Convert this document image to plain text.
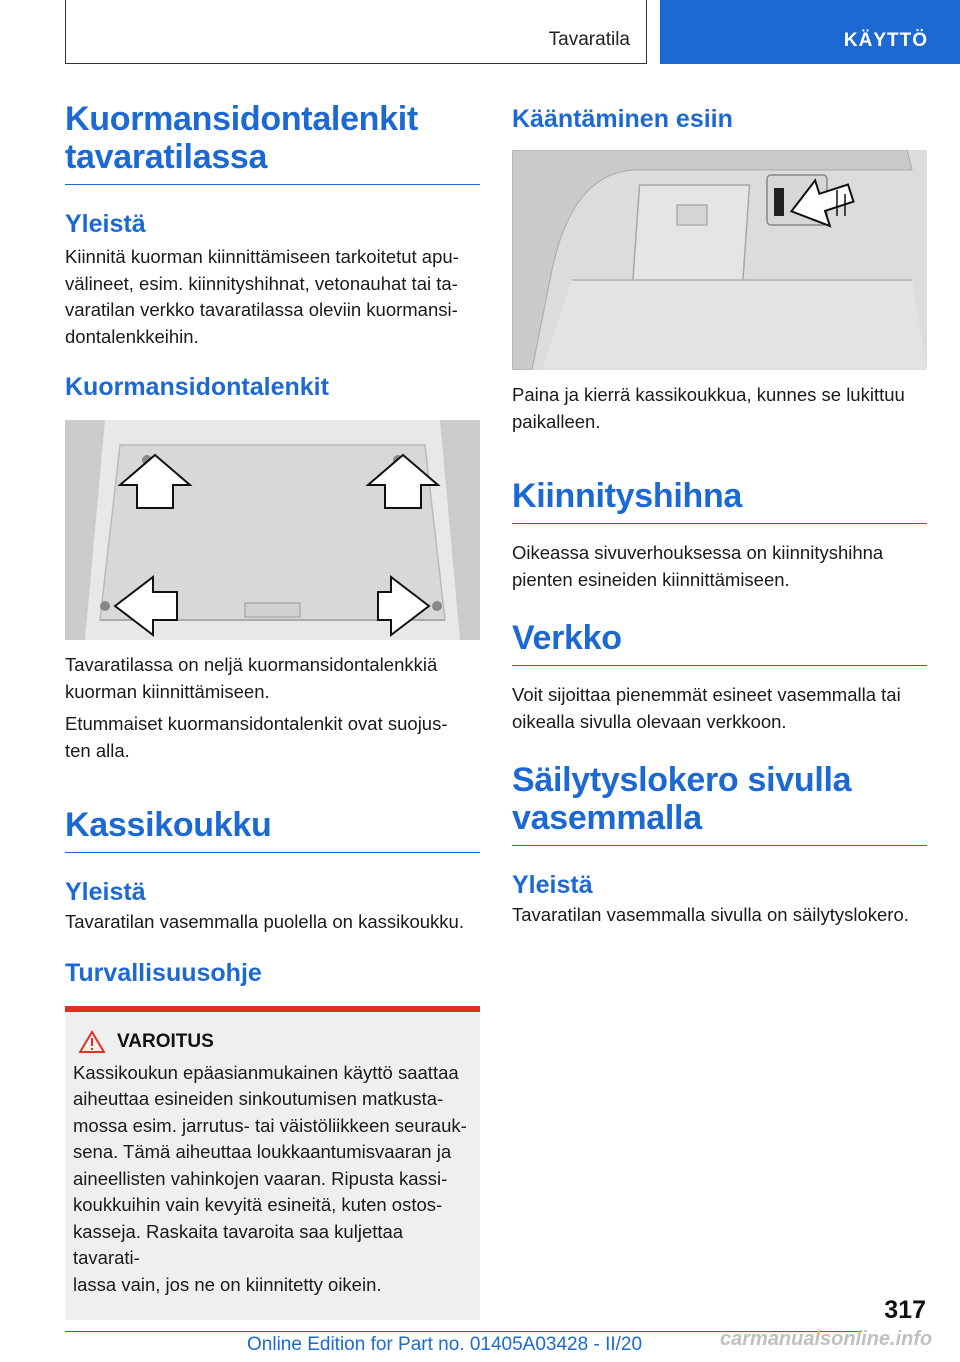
Tavaratila	KÄYTTÖ
Kuormansidontalenkit
tavaratilassa
Yleistä

Kiinnitä kuorman kiinnittämiseen tarkoitetut apu‐
välineet, esim. kiinnityshihnat, vetonauhat tai ta‐
varatilan verkko tavaratilassa oleviin kuormansi‐
dontalenkkeihin.

Kuormansidontalenkit

Tavaratilassa on neljä kuormansidontalenkkiä
kuorman kiinnittämiseen.

Etummaiset kuormansidontalenkit ovat suojus‐
ten alla.

Kassikoukku
Yleistä

Tavaratilan vasemmalla puolella on kassikoukku.

Turvallisuusohje
VAROITUS

Kassikoukun epäasianmukainen käyttö saattaa
aiheuttaa esineiden sinkoutumisen matkusta‐
mossa esim. jarrutus- tai väistöliikkeen seurauk‐
sena. Tämä aiheuttaa loukkaantumisvaaran ja
aineellisten vahinkojen vaaran. Ripusta kassi‐
koukkuihin vain kevyitä esineitä, kuten ostos‐
kasseja. Raskaita tavaroita saa kuljettaa tavarati‐
lassa vain, jos ne on kiinnitetty oikein.

Kääntäminen esiin

Paina ja kierrä kassikoukkua, kunnes se lukittuu
paikalleen.

Kiinnityshihna

Oikeassa sivuverhouksessa on kiinnityshihna
pienten esineiden kiinnittämiseen.

Verkko

Voit sijoittaa pienemmät esineet vasemmalla tai
oikealla sivulla olevaan verkkoon.

Säilytyslokero sivulla
vasemmalla
Yleistä

Tavaratilan vasemmalla sivulla on säilytyslokero.

317
Online Edition for Part no. 01405A03428 - II/20	carmanualsonline.info
